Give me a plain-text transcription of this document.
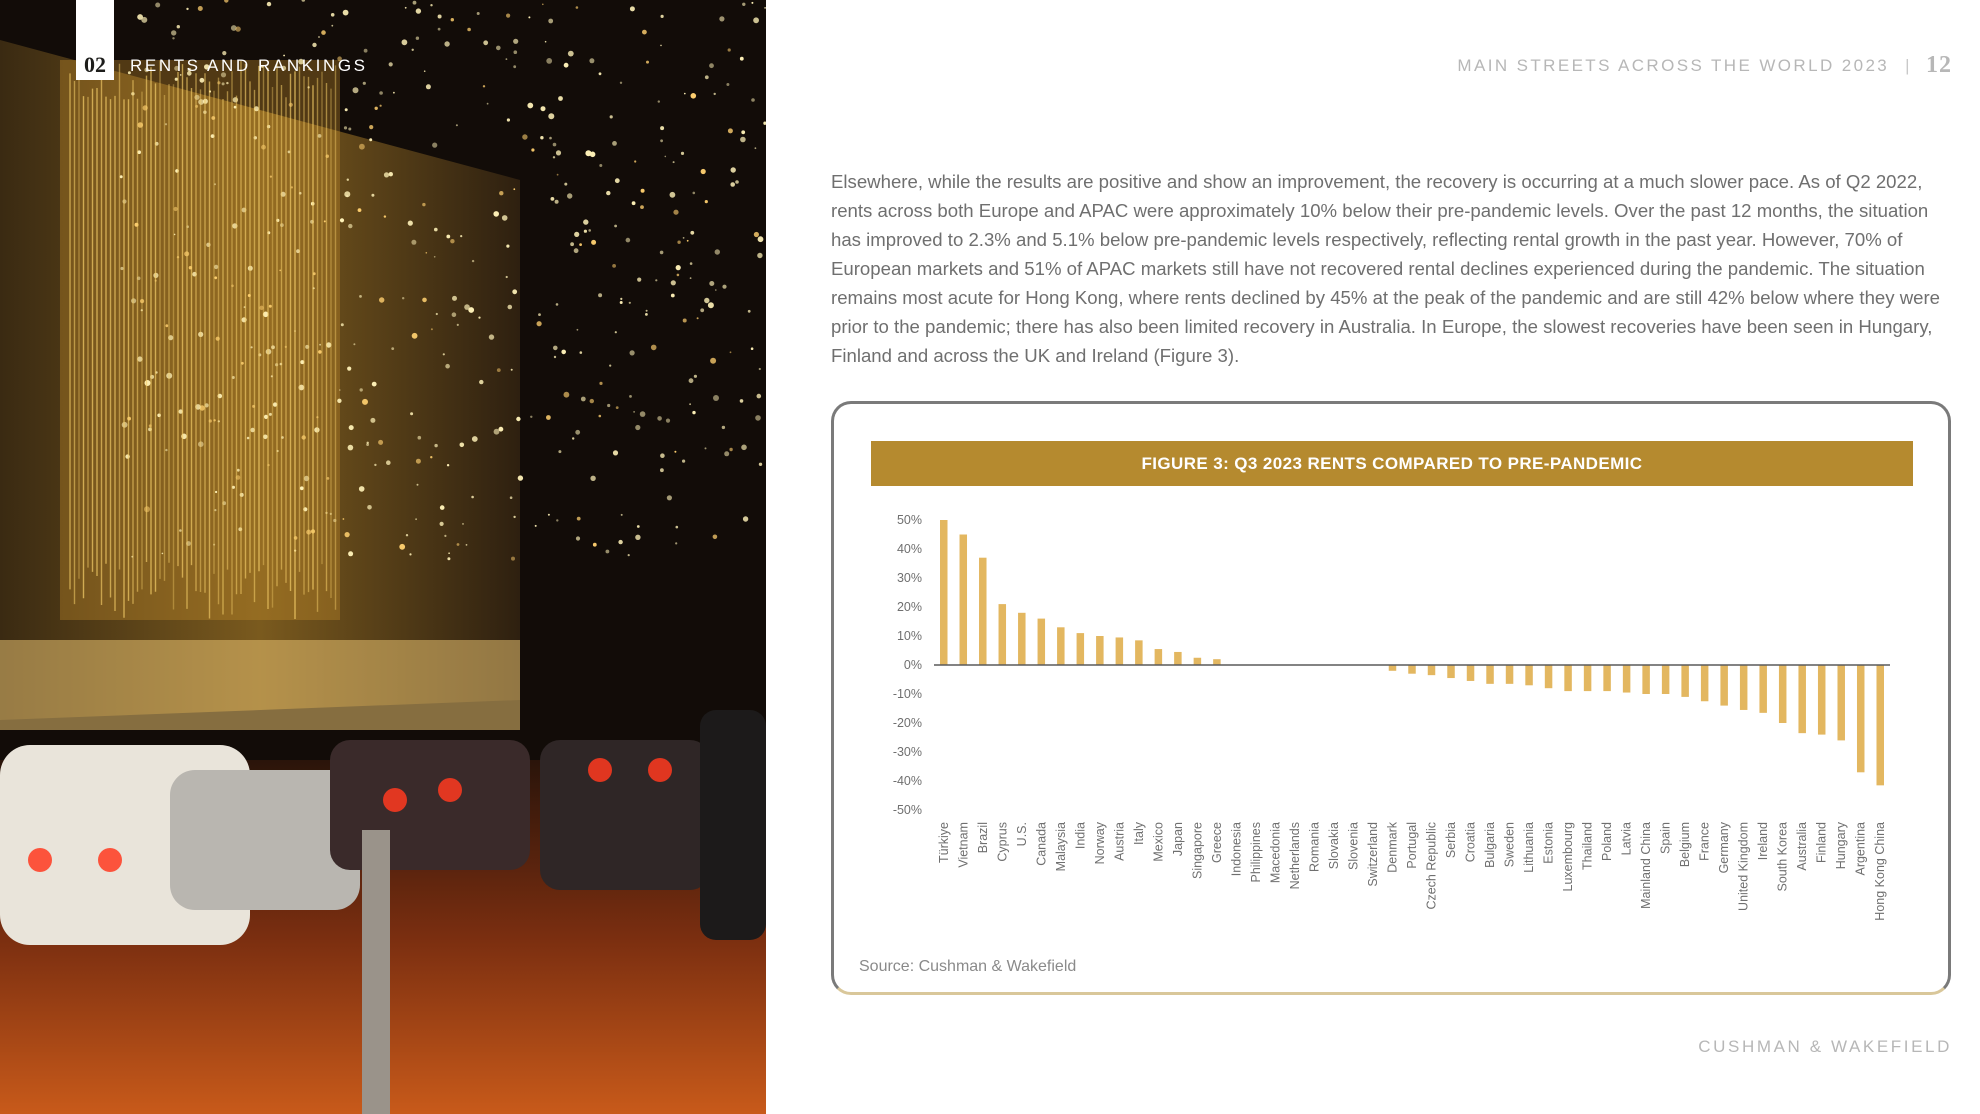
02 RENTS AND RANKINGS	MAIN STREETS ACROSS THE WORLD 2023 | 12

Elsewhere, while the results are positive and show an improvement, the recovery is occurring at a much slower pace. As of Q2 2022, rents across both Europe and APAC were approximately 10% below their pre-pandemic levels. Over the past 12 months, the situation has improved to 2.3% and 5.1% below pre-pandemic levels respectively, reflecting rental growth in the past year. However, 70% of European markets and 51% of APAC markets still have not recovered rental declines experienced during the pandemic. The situation remains most acute for Hong Kong, where rents declined by 45% at the peak of the pandemic and are still 42% below where they were prior to the pandemic; there has also been limited recovery in Australia. In Europe, the slowest recoveries have been seen in Hungary, Finland and across the UK and Ireland (Figure 3).

FIGURE 3: Q3 2023 RENTS COMPARED TO PRE-PANDEMIC
50%
40%
30%
20%
10%
0%
-10%
-20%
-30%
-40%
-50%
Türkiye Vietnam Brazil Cyprus U.S. Canada Malaysia India Norway Austria Italy Mexico Japan Singapore Greece Indonesia Philippines Macedonia Netherlands Romania Slovakia Slovenia Switzerland Denmark Portugal Czech Republic Serbia Croatia Bulgaria Sweden Lithuania Estonia Luxembourg Thailand Poland Latvia Mainland China Spain Belgium France Germany United Kingdom Ireland South Korea Australia Finland Hungary Argentina Hong Kong China
Source: Cushman & Wakefield
CUSHMAN & WAKEFIELD
